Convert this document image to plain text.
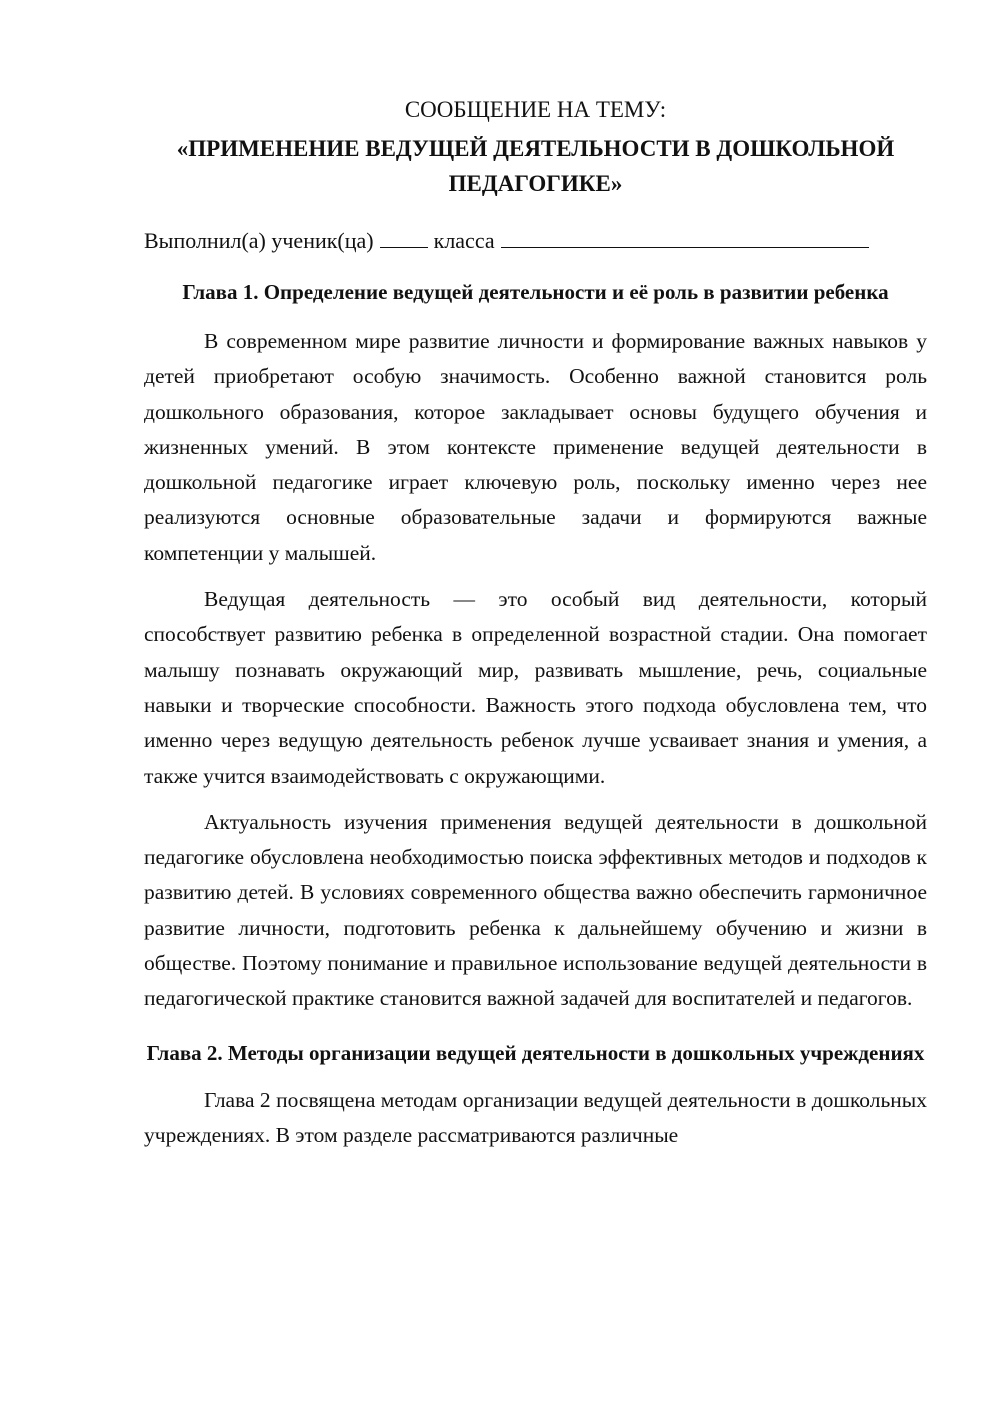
СООБЩЕНИЕ НА ТЕМУ:

«ПРИМЕНЕНИЕ ВЕДУЩЕЙ ДЕЯТЕЛЬНОСТИ В ДОШКОЛЬНОЙ ПЕДАГОГИКЕ»

Выполнил(а) ученик(ца)	класса

Глава 1. Определение ведущей деятельности и её роль в развитии ребенка

В современном мире развитие личности и формирование важных навыков у детей приобретают особую значимость. Особенно важной становится роль дошкольного образования, которое закладывает основы будущего обучения и жизненных умений. В этом контексте применение ведущей деятельности в дошкольной педагогике играет ключевую роль, поскольку именно через нее реализуются основные образовательные задачи и формируются важные компетенции у малышей.

Ведущая деятельность — это особый вид деятельности, который способствует развитию ребенка в определенной возрастной стадии. Она помогает малышу познавать окружающий мир, развивать мышление, речь, социальные навыки и творческие способности. Важность этого подхода обусловлена тем, что именно через ведущую деятельность ребенок лучше усваивает знания и умения, а также учится взаимодействовать с окружающими.

Актуальность изучения применения ведущей деятельности в дошкольной педагогике обусловлена необходимостью поиска эффективных методов и подходов к развитию детей. В условиях современного общества важно обеспечить гармоничное развитие личности, подготовить ребенка к дальнейшему обучению и жизни в обществе. Поэтому понимание и правильное использование ведущей деятельности в педагогической практике становится важной задачей для воспитателей и педагогов.

Глава 2. Методы организации ведущей деятельности в дошкольных учреждениях

Глава 2 посвящена методам организации ведущей деятельности в дошкольных учреждениях. В этом разделе рассматриваются различные
